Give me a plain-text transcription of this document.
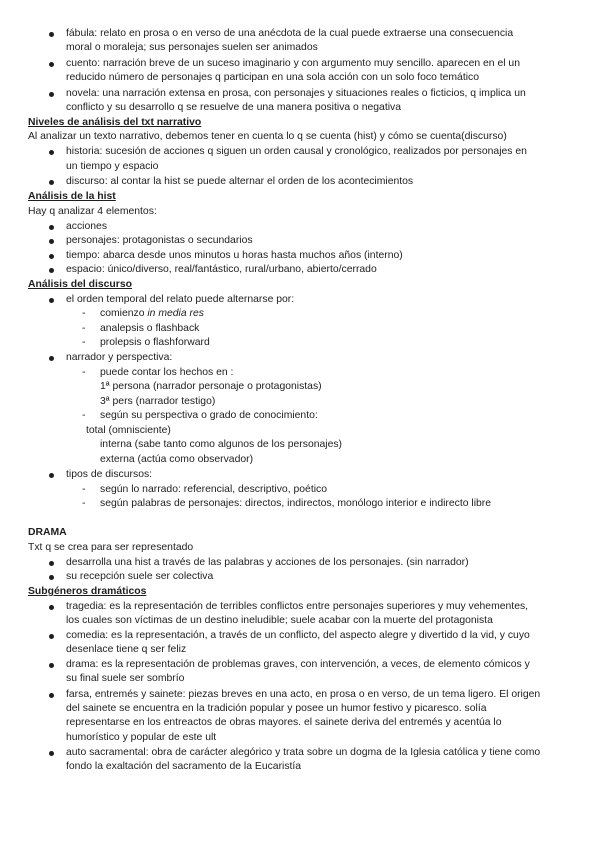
fábula: relato en prosa o en verso de una anécdota de la cual puede extraerse una consecuencia
moral o moraleja; sus personajes suelen ser animados
cuento: narración breve de un suceso imaginario y con argumento muy sencillo. aparecen en el un
reducido número de personajes q participan en una sola acción con un solo foco temático
novela: una narración extensa en prosa, con personajes y situaciones reales o ficticios, q implica un
conflicto y su desarrollo q se resuelve de una manera positiva o negativa
Niveles de análisis del txt narrativo
Al analizar un texto narrativo, debemos tener en cuenta lo q se cuenta (hist) y cómo se cuenta(discurso)
historia: sucesión de acciones q siguen un orden causal y cronológico, realizados por personajes en
un tiempo y espacio
discurso: al contar la hist se puede alternar el orden de los acontecimientos
Análisis de la hist
Hay q analizar 4 elementos:
acciones
personajes: protagonistas o secundarios
tiempo: abarca desde unos minutos u horas hasta muchos años (interno)
espacio: único/diverso, real/fantástico, rural/urbano, abierto/cerrado
Análisis del discurso
el orden temporal del relato puede alternarse por:
- comienzo in media res
- analepsis o flashback
- prolepsis o flashforward
narrador y perspectiva:
- puede contar los hechos en :
1ª persona (narrador personaje o protagonistas)
3ª pers (narrador testigo)
- según su perspectiva o grado de conocimiento:
total (omnisciente)
interna (sabe tanto como algunos de los personajes)
externa (actúa como observador)
tipos de discursos:
- según lo narrado: referencial, descriptivo, poético
- según palabras de personajes: directos, indirectos, monólogo interior e indirecto libre
DRAMA
Txt q se crea para ser representado
desarrolla una hist a través de las palabras y acciones de los personajes. (sin narrador)
su recepción suele ser colectiva
Subgéneros dramáticos
tragedia: es la representación de terribles conflictos entre personajes superiores y muy vehementes,
los cuales son víctimas de un destino ineludible; suele acabar con la muerte del protagonista
comedia: es la representación, a través de un conflicto, del aspecto alegre y divertido d la vid, y cuyo
desenlace tiene q ser feliz
drama: es la representación de problemas graves, con intervención, a veces, de elemento cómicos y
su final suele ser sombrío
farsa, entremés y sainete: piezas breves en una acto, en prosa o en verso, de un tema ligero. El origen
del sainete se encuentra en la tradición popular y posee un humor festivo y picaresco. solía
representarse en los entreactos de obras mayores. el sainete deriva del entremés y acentúa lo
humorístico y popular de este ult
auto sacramental: obra de carácter alegórico y trata sobre un dogma de la Iglesia católica y tiene como
fondo la exaltación del sacramento de la Eucaristía
